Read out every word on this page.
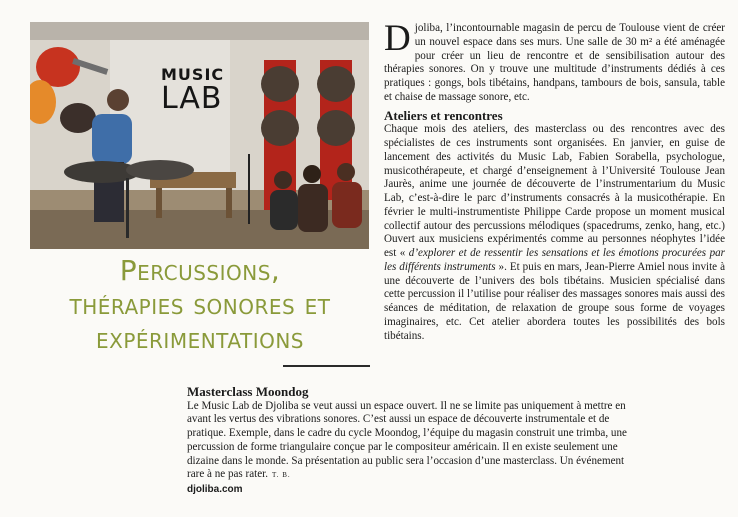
MUSIC
LAB
Percussions,
thérapies sonores et
expérimentations

Djoliba, l’incontournable magasin de percu de Toulouse vient de créer un nouvel espace dans ses murs. Une salle de 30 m² a été aménagée pour créer un lieu de rencontre et de sensibilisation autour des thérapies sonores. On y trouve une multitude d’instruments dédiés à ces pratiques : gongs, bols tibétains, handpans, tambours de bois, sansula, table et chaise de massage sonore, etc.

Ateliers et rencontres

Chaque mois des ateliers, des masterclass ou des rencontres avec des spécialistes de ces instruments sont organisées. En janvier, en guise de lancement des activités du Music Lab, Fabien Sorabella, psychologue, musicothérapeute, et chargé d’enseignement à l’Université Toulouse Jean Jaurès, anime une journée de découverte de l’instrumentarium du Music Lab, c’est-à-dire le parc d’instruments consacrés à la musicothérapie. En février le multi-instrumentiste Philippe Carde propose un moment musical collectif autour des percussions mélodiques (spacedrums, zenko, hang, etc.) Ouvert aux musiciens expérimentés comme au personnes néophytes l’idée est « d’explorer et de ressentir les sensations et les émotions procurées par les différents instruments ». Et puis en mars, Jean-Pierre Amiel nous invite à une découverte de l’univers des bols tibétains. Musicien spécialisé dans cette percussion il l’utilise pour réaliser des massages sonores mais aussi des séances de méditation, de relaxation de groupe sous forme de voyages imaginaires, etc. Cet atelier abordera toutes les possibilités des bols tibétains.

Masterclass Moondog

Le Music Lab de Djoliba se veut aussi un espace ouvert. Il ne se limite pas uniquement à mettre en avant les vertus des vibrations sonores. C’est aussi un espace de découverte instrumentale et de pratique. Exemple, dans le cadre du cycle Moondog, l’équipe du magasin construit une trimba, une percussion de forme triangulaire conçue par le compositeur américain. Il en existe seulement une dizaine dans le monde. Sa présentation au public sera l’occasion d’une masterclass. Un événement rare à ne pas rater. T. B.

djoliba.com
